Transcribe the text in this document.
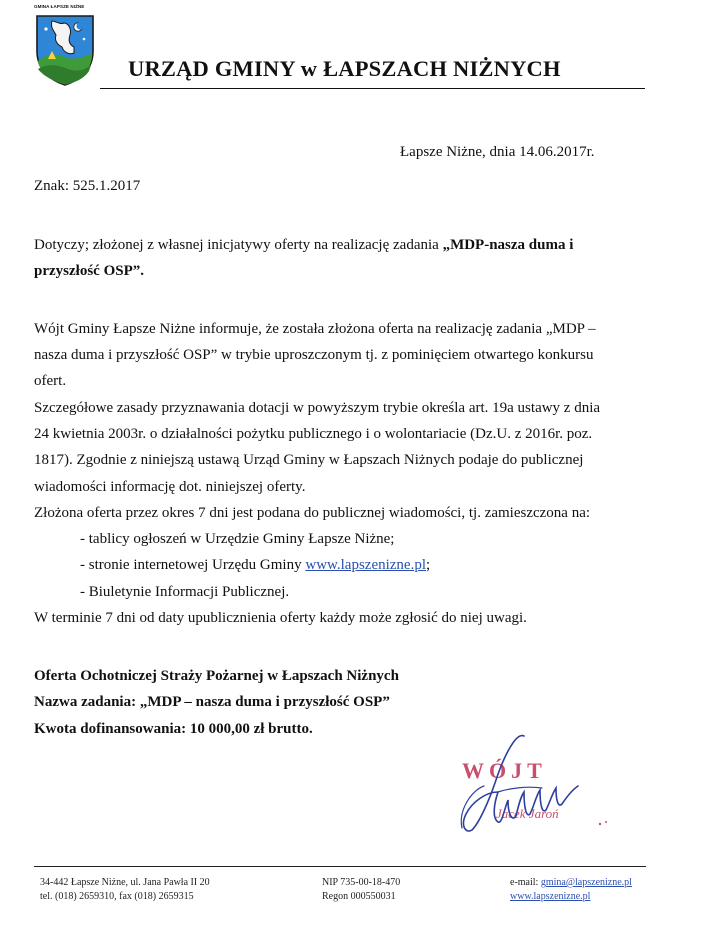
GMINA ŁAPSZE NIŻNE
URZĄD GMINY w ŁAPSZACH NIŻNYCH
Łapsze Niżne, dnia 14.06.2017r.
Znak: 525.1.2017
Dotyczy; złożonej z własnej inicjatywy oferty na realizację zadania „MDP-nasza duma i
przyszłość OSP”.
Wójt Gminy Łapsze Niżne informuje, że została złożona oferta na realizację zadania „MDP –
nasza duma i przyszłość OSP” w trybie uproszczonym tj. z pominięciem otwartego konkursu
ofert.
Szczegółowe zasady przyznawania dotacji w powyższym trybie określa art. 19a ustawy z dnia
24 kwietnia 2003r. o działalności pożytku publicznego i o wolontariacie (Dz.U. z 2016r. poz.
1817). Zgodnie z niniejszą ustawą Urząd Gminy w Łapszach Niżnych podaje do publicznej
wiadomości informację dot. niniejszej oferty.
Złożona oferta przez okres 7 dni jest podana do publicznej wiadomości, tj. zamieszczona na:
- tablicy ogłoszeń w Urzędzie Gminy Łapsze Niżne;
- stronie internetowej Urzędu Gminy www.lapszenizne.pl;
- Biuletynie Informacji Publicznej.
W terminie 7 dni od daty upublicznienia oferty każdy może zgłosić do niej uwagi.
Oferta Ochotniczej Straży Pożarnej w Łapszach Niżnych
Nazwa zadania: „MDP – nasza duma i przyszłość OSP”
Kwota dofinansowania: 10 000,00 zł brutto.
WÓJT
Jacek Jaroń
34-442 Łapsze Niżne, ul. Jana Pawła II 20
tel. (018) 2659310, fax (018) 2659315
NIP 735-00-18-470
Regon 000550031
e-mail: gmina@lapszenizne.pl
www.lapszenizne.pl
